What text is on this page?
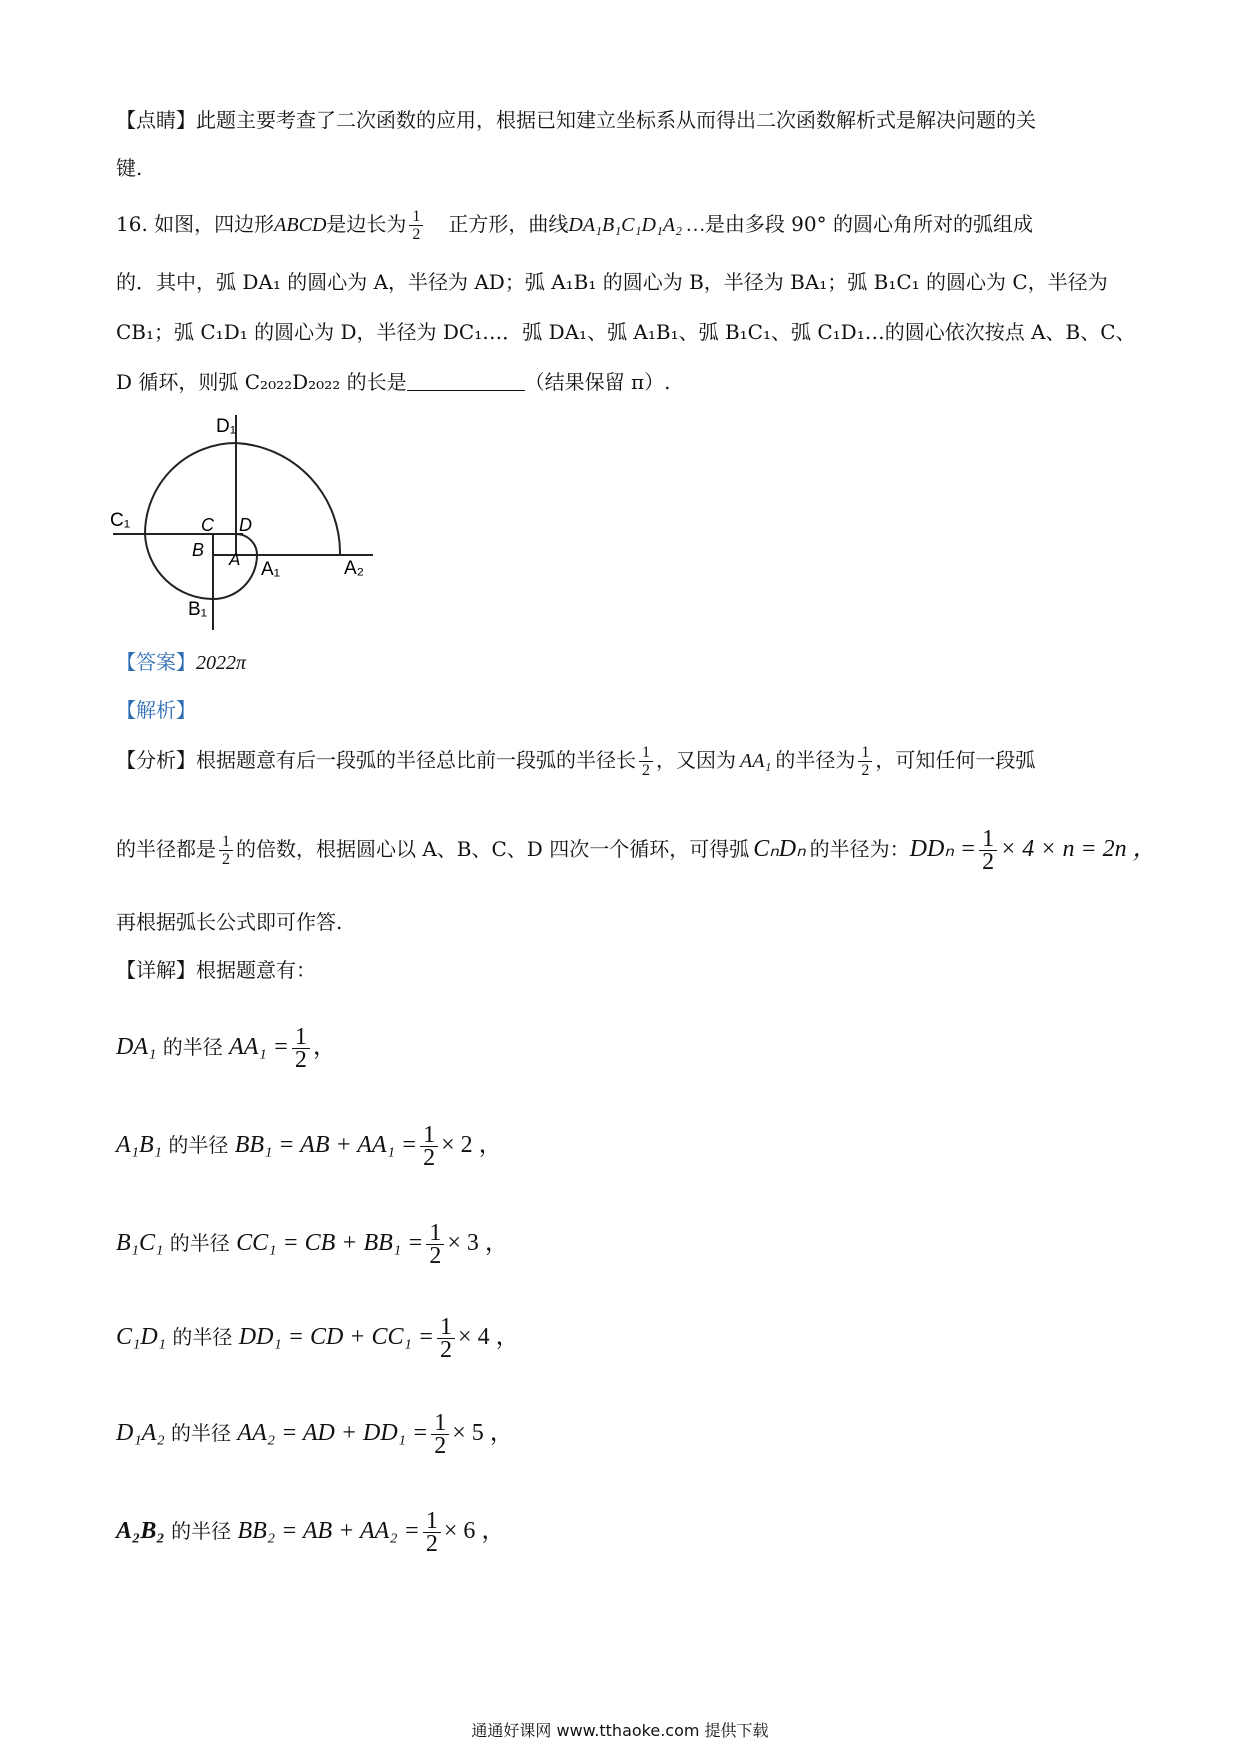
【点睛】此题主要考查了二次函数的应用，根据已知建立坐标系从而得出二次函数解析式是解决问题的关
键.
16. 如图，四边形ABCD是边长为 $\frac{1}{2}$ 正方形，曲线DA₁B₁C₁D₁A₂ …是由多段 90° 的圆心角所对的弧组成
的．其中，弧 DA₁ 的圆心为 A，半径为 AD；弧 A₁B₁ 的圆心为 B，半径为 BA₁；弧 B₁C₁ 的圆心为 C，半径为
CB₁；弧 C₁D₁ 的圆心为 D，半径为 DC₁…．弧 DA₁、弧 A₁B₁、弧 B₁C₁、弧 C₁D₁…的圆心依次按点 A、B、C、
D 循环，则弧 C₂₀₂₂D₂₀₂₂ 的长是	（结果保留 π）.
D₁
C₁	C D
B A A₁	A₂
B₁
【答案】2022π
【解析】
【分析】根据题意有后一段弧的半径总比前一段弧的半径长 $\frac{1}{2}$ ，又因为 AA₁ 的半径为 $\frac{1}{2}$ ，可知任何一段弧
的半径都是 $\frac{1}{2}$ 的倍数，根据圆心以 A、B、C、D 四次一个循环，可得弧 CₙDₙ 的半径为：$DD_n = \frac{1}{2} \times 4 \times n = 2n$ ，
再根据弧长公式即可作答.
【详解】根据题意有：
DA₁ 的半径 $AA_1 = \frac{1}{2}$ ，
A₁B₁ 的半径 BB₁ = AB + $AA_1 = \frac{1}{2} \times 2$ ，
B₁C₁ 的半径 CC₁ = CB + $BB_1 = \frac{1}{2} \times 3$ ，
C₁D₁ 的半径 DD₁ = CD + $CC_1 = \frac{1}{2} \times 4$ ，
D₁A₂ 的半径 AA₂ = AD + $DD_1 = \frac{1}{2} \times 5$ ，
A₂B₂ 的半径 BB₂ = AB + $AA_2 = \frac{1}{2} \times 6$ ，
通通好课网 www.tthaoke.com 提供下载
